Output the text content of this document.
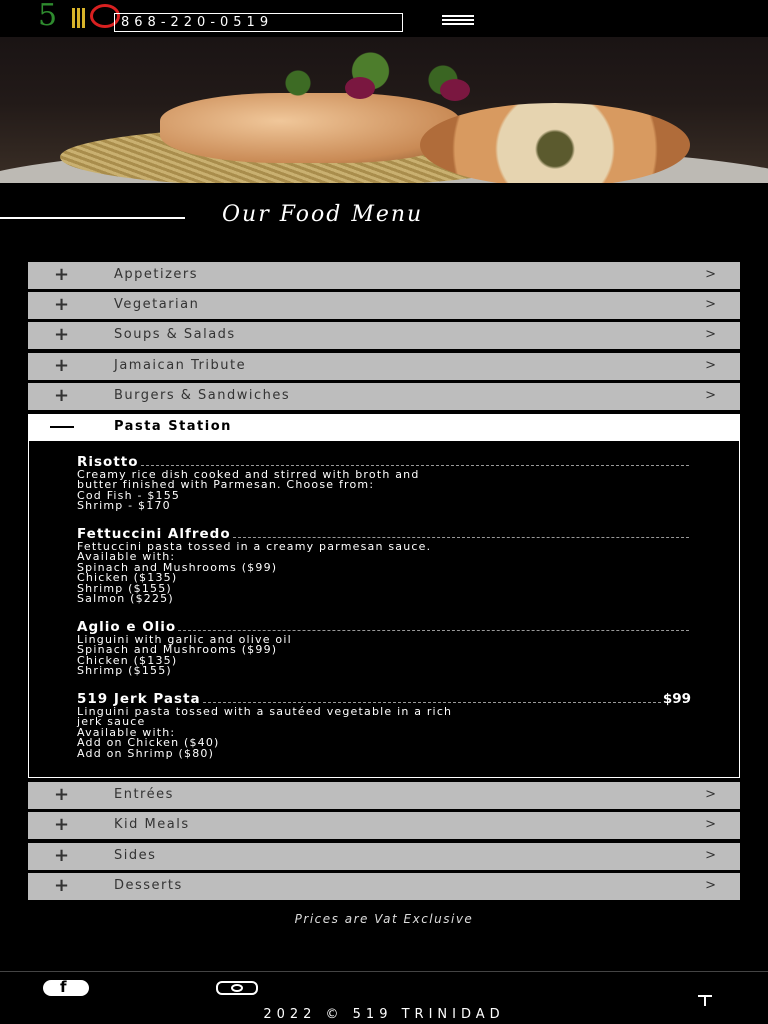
5	868-220-0519
Our Food Menu
+	Appetizers	>
+	Vegetarian	>
+	Soups & Salads	>
+	Jamaican Tribute	>
+	Burgers & Sandwiches	>
Pasta Station
Risotto
Creamy rice dish cooked and stirred with broth and
butter finished with Parmesan. Choose from:
Cod Fish - $155
Shrimp - $170
Fettuccini Alfredo
Fettuccini pasta tossed in a creamy parmesan sauce.
Available with:
Spinach and Mushrooms ($99)
Chicken ($135)
Shrimp ($155)
Salmon ($225)
Aglio e Olio
Linguini with garlic and olive oil
Spinach and Mushrooms ($99)
Chicken ($135)
Shrimp ($155)
519 Jerk Pasta	$99
Linguini pasta tossed with a sautéed vegetable in a rich
jerk sauce
Available with:
Add on Chicken ($40)
Add on Shrimp ($80)
+	Entrées	>
+	Kid Meals	>
+	Sides	>
+	Desserts	>
Prices are Vat Exclusive
f
2022 © 519 TRINIDAD
